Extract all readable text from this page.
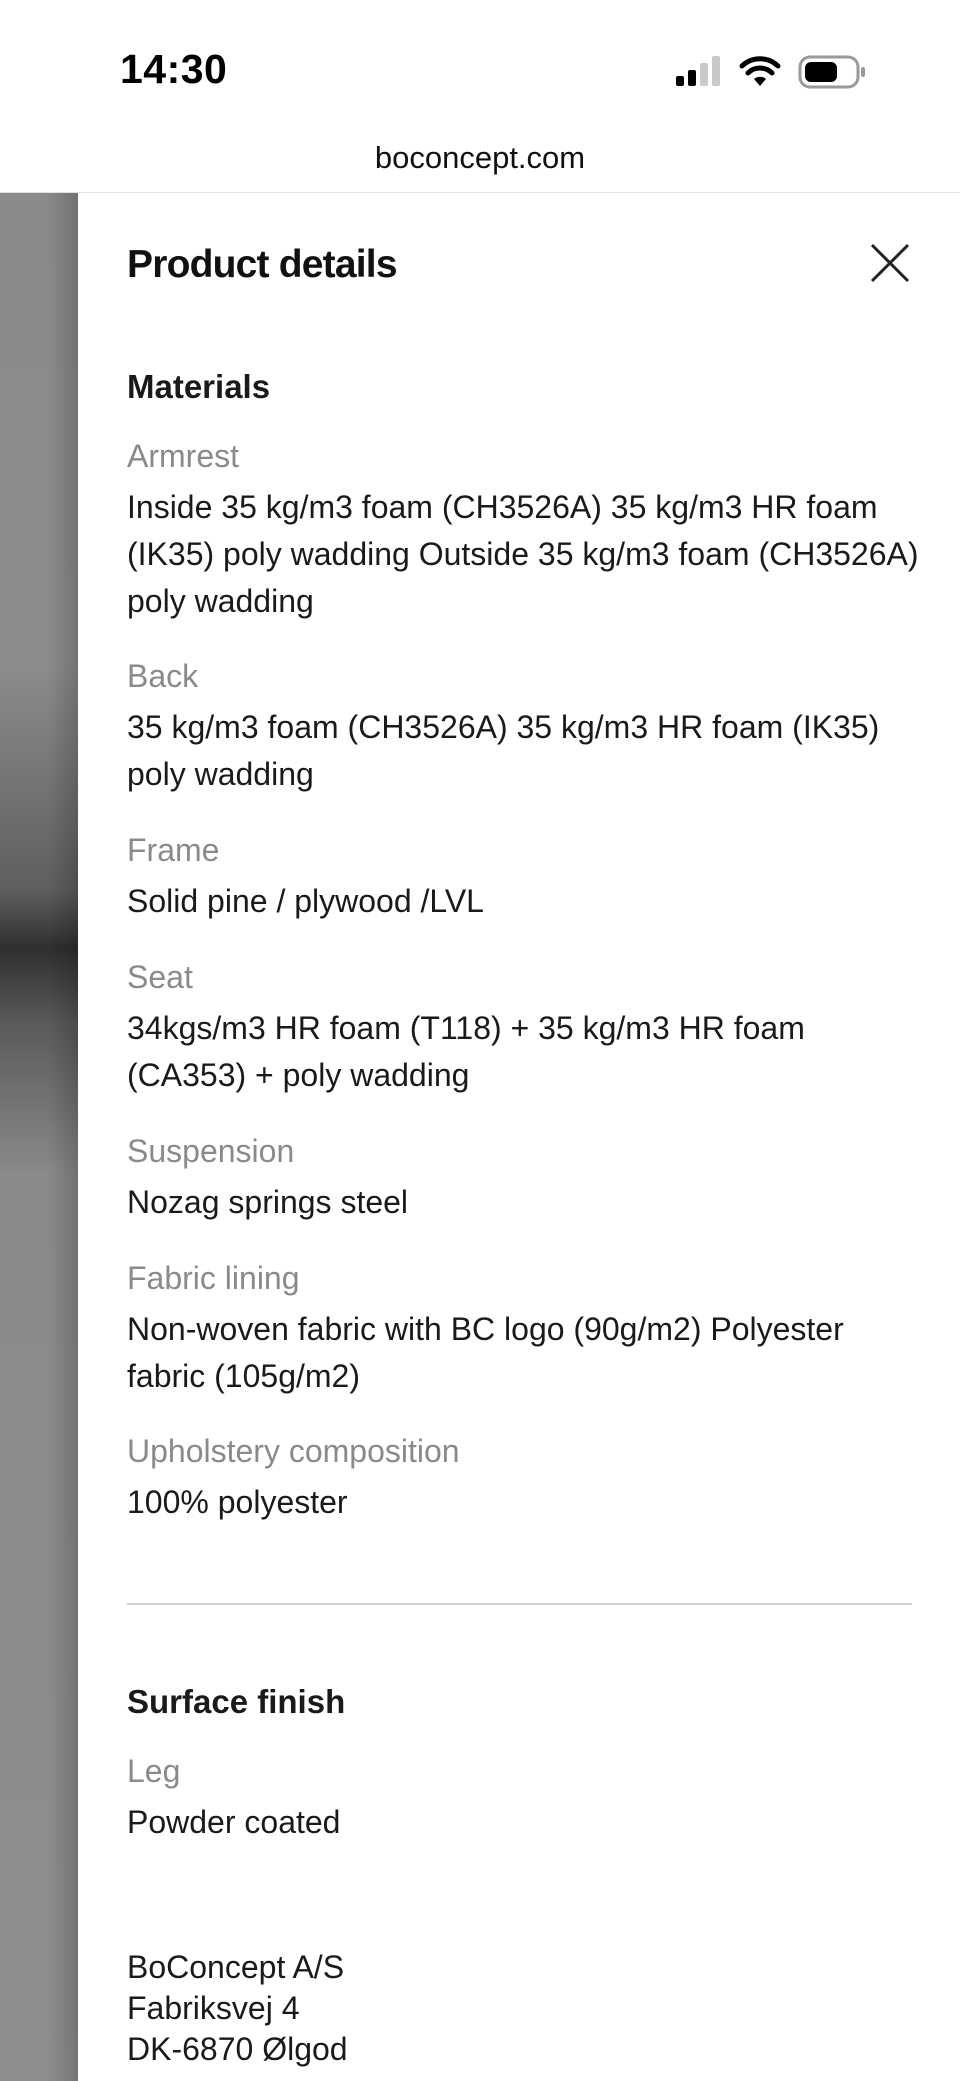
14:30
boconcept.com
Product details
Materials
Armrest
Inside 35 kg/m3 foam (CH3526A) 35 kg/m3 HR foam (IK35) poly wadding Outside 35 kg/m3 foam (CH3526A) poly wadding
Back
35 kg/m3 foam (CH3526A) 35 kg/m3 HR foam (IK35) poly wadding
Frame
Solid pine / plywood /LVL
Seat
34kgs/m3 HR foam (T118) + 35 kg/m3 HR foam (CA353) + poly wadding
Suspension
Nozag springs steel
Fabric lining
Non-woven fabric with BC logo (90g/m2) Polyester fabric (105g/m2)
Upholstery composition
100% polyester
Surface finish
Leg
Powder coated
BoConcept A/S
Fabriksvej 4
DK-6870 Ølgod
